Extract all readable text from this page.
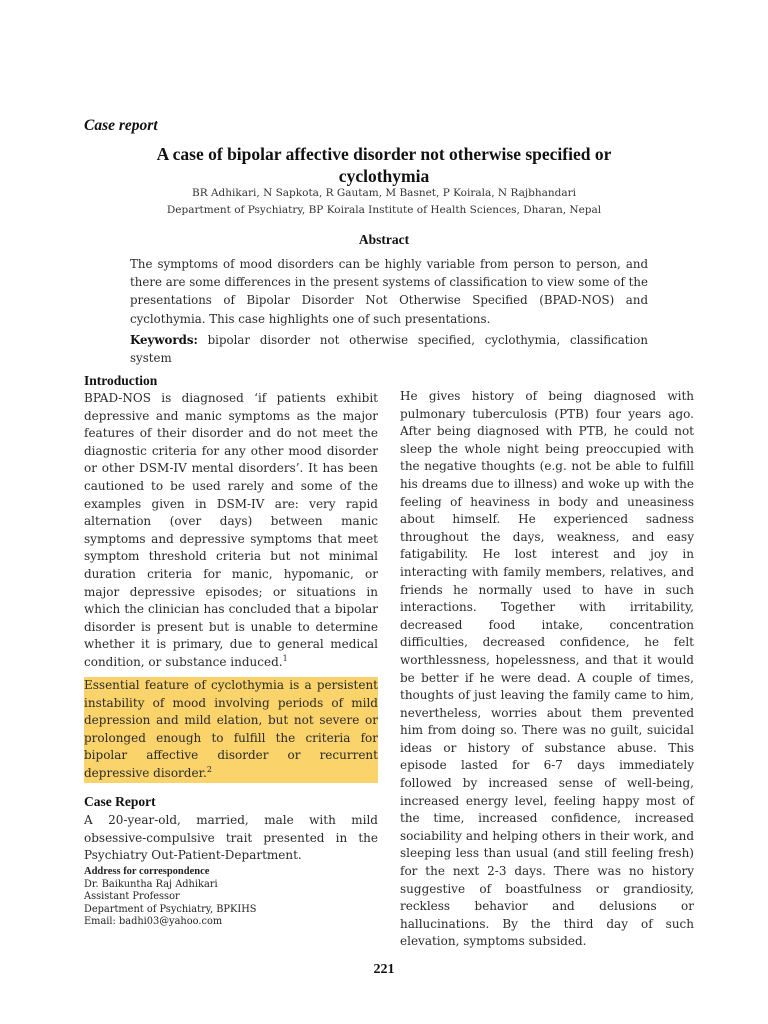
Case report
A case of bipolar affective disorder not otherwise specified or cyclothymia
BR Adhikari, N Sapkota, R Gautam, M Basnet, P Koirala, N Rajbhandari
Department of Psychiatry, BP Koirala Institute of Health Sciences, Dharan, Nepal
Abstract
The symptoms of mood disorders can be highly variable from person to person, and there are some differences in the present systems of classification to view some of the presentations of Bipolar Disorder Not Otherwise Specified (BPAD-NOS) and cyclothymia. This case highlights one of such presentations.
Keywords: bipolar disorder not otherwise specified, cyclothymia, classification system
Introduction
BPAD-NOS is diagnosed ‘if patients exhibit depressive and manic symptoms as the major features of their disorder and do not meet the diagnostic criteria for any other mood disorder or other DSM-IV mental disorders’. It has been cautioned to be used rarely and some of the examples given in DSM-IV are: very rapid alternation (over days) between manic symptoms and depressive symptoms that meet symptom threshold criteria but not minimal duration criteria for manic, hypomanic, or major depressive episodes; or situations in which the clinician has concluded that a bipolar disorder is present but is unable to determine whether it is primary, due to general medical condition, or substance induced.$^1$
Essential feature of cyclothymia is a persistent instability of mood involving periods of mild depression and mild elation, but not severe or prolonged enough to fulfill the criteria for bipolar affective disorder or recurrent depressive disorder.$^2$
Case Report
A 20-year-old, married, male with mild obsessive-compulsive trait presented in the Psychiatry Out-Patient-Department.
Address for correspondence
Dr. Baikuntha Raj Adhikari
Assistant Professor
Department of Psychiatry, BPKIHS
Email: badhi03@yahoo.com
He gives history of being diagnosed with pulmonary tuberculosis (PTB) four years ago. After being diagnosed with PTB, he could not sleep the whole night being preoccupied with the negative thoughts (e.g. not be able to fulfill his dreams due to illness) and woke up with the feeling of heaviness in body and uneasiness about himself. He experienced sadness throughout the days, weakness, and easy fatigability. He lost interest and joy in interacting with family members, relatives, and friends he normally used to have in such interactions. Together with irritability, decreased food intake, concentration difficulties, decreased confidence, he felt worthlessness, hopelessness, and that it would be better if he were dead. A couple of times, thoughts of just leaving the family came to him, nevertheless, worries about them prevented him from doing so. There was no guilt, suicidal ideas or history of substance abuse. This episode lasted for 6-7 days immediately followed by increased sense of well-being, increased energy level, feeling happy most of the time, increased confidence, increased sociability and helping others in their work, and sleeping less than usual (and still feeling fresh) for the next 2-3 days. There was no history suggestive of boastfulness or grandiosity, reckless behavior and delusions or hallucinations. By the third day of such elevation, symptoms subsided.
221
